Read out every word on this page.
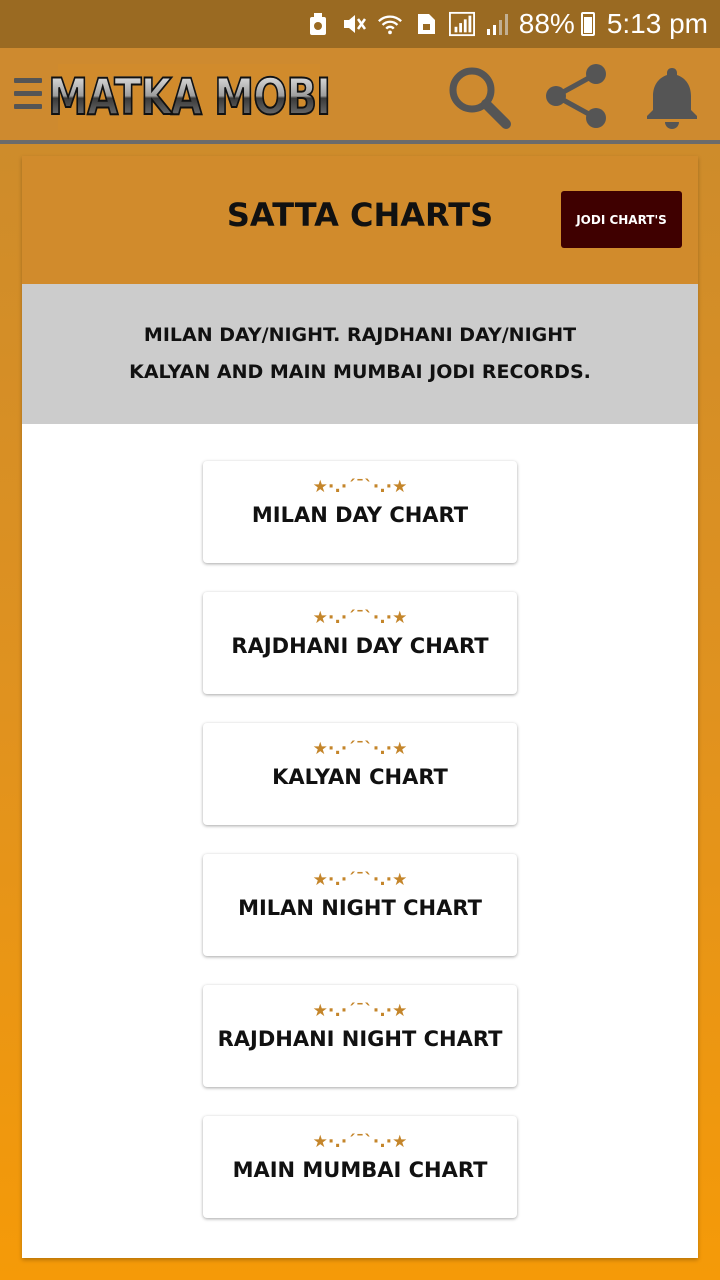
88% 5:13 pm
MATKA MOBI
SATTA CHARTS	JODI CHART'S
MILAN DAY/NIGHT. RAJDHANI DAY/NIGHT
KALYAN AND MAIN MUMBAI JODI RECORDS.
★·.·´¯`·.·★
MILAN DAY CHART
★·.·´¯`·.·★
RAJDHANI DAY CHART
★·.·´¯`·.·★
KALYAN CHART
★·.·´¯`·.·★
MILAN NIGHT CHART
★·.·´¯`·.·★
RAJDHANI NIGHT CHART
★·.·´¯`·.·★
MAIN MUMBAI CHART
